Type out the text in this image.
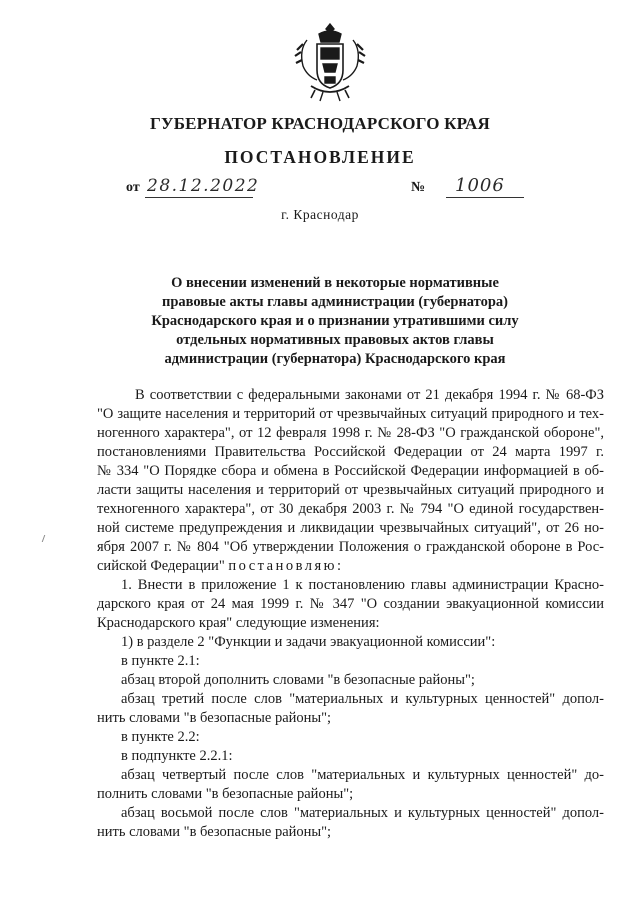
ГУБЕРНАТОР КРАСНОДАРСКОГО КРАЯ
ПОСТАНОВЛЕНИЕ
от 28.12.2022	№ 1006
г. Краснодар
О внесении изменений в некоторые нормативные
правовые акты главы администрации (губернатора)
Краснодарского края и о признании утратившими силу
отдельных нормативных правовых актов главы
администрации (губернатора) Краснодарского края
В соответствии с федеральными законами от 21 декабря 1994 г. № 68-ФЗ
"О защите населения и территорий от чрезвычайных ситуаций природного и тех-
ногенного характера", от 12 февраля 1998 г. № 28-ФЗ "О гражданской обороне",
постановлениями Правительства Российской Федерации от 24 марта 1997 г.
№ 334 "О Порядке сбора и обмена в Российской Федерации информацией в об-
ласти защиты населения и территорий от чрезвычайных ситуаций природного и
техногенного характера", от 30 декабря 2003 г. № 794 "О единой государствен-
ной системе предупреждения и ликвидации чрезвычайных ситуаций", от 26 но-
ября 2007 г. № 804 "Об утверждении Положения о гражданской обороне в Рос-
сийской Федерации" постановляю:
1. Внести в приложение 1 к постановлению главы администрации Красно-
дарского края от 24 мая 1999 г. № 347 "О создании эвакуационной комиссии
Краснодарского края" следующие изменения:
1) в разделе 2 "Функции и задачи эвакуационной комиссии":
в пункте 2.1:
абзац второй дополнить словами "в безопасные районы";
абзац третий после слов "материальных и культурных ценностей" допол-
нить словами "в безопасные районы";
в пункте 2.2:
в подпункте 2.2.1:
абзац четвертый после слов "материальных и культурных ценностей" до-
полнить словами "в безопасные районы";
абзац восьмой после слов "материальных и культурных ценностей" допол-
нить словами "в безопасные районы";
